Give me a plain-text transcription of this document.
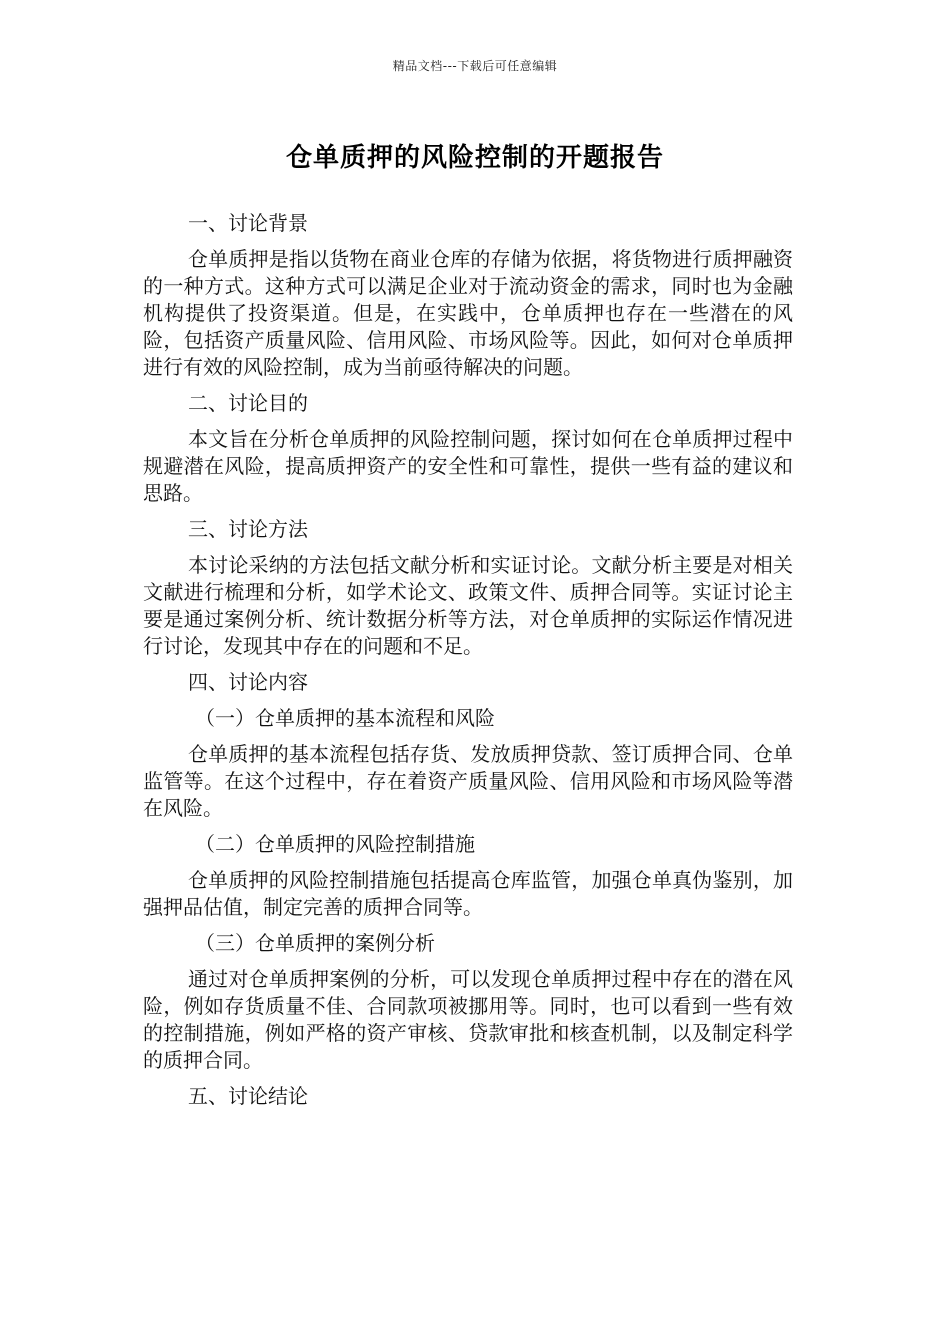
精品文档---下载后可任意编辑
仓单质押的风险控制的开题报告
一、讨论背景
仓单质押是指以货物在商业仓库的存储为依据，将货物进行质押融资的一种方式。这种方式可以满足企业对于流动资金的需求，同时也为金融机构提供了投资渠道。但是，在实践中，仓单质押也存在一些潜在的风险，包括资产质量风险、信用风险、市场风险等。因此，如何对仓单质押进行有效的风险控制，成为当前亟待解决的问题。
二、讨论目的
本文旨在分析仓单质押的风险控制问题，探讨如何在仓单质押过程中规避潜在风险，提高质押资产的安全性和可靠性，提供一些有益的建议和思路。
三、讨论方法
本讨论采纳的方法包括文献分析和实证讨论。文献分析主要是对相关文献进行梳理和分析，如学术论文、政策文件、质押合同等。实证讨论主要是通过案例分析、统计数据分析等方法，对仓单质押的实际运作情况进行讨论，发现其中存在的问题和不足。
四、讨论内容
（一）仓单质押的基本流程和风险
仓单质押的基本流程包括存货、发放质押贷款、签订质押合同、仓单监管等。在这个过程中，存在着资产质量风险、信用风险和市场风险等潜在风险。
（二）仓单质押的风险控制措施
仓单质押的风险控制措施包括提高仓库监管，加强仓单真伪鉴别，加强押品估值，制定完善的质押合同等。
（三）仓单质押的案例分析
通过对仓单质押案例的分析，可以发现仓单质押过程中存在的潜在风险，例如存货质量不佳、合同款项被挪用等。同时，也可以看到一些有效的控制措施，例如严格的资产审核、贷款审批和核查机制，以及制定科学的质押合同。
五、讨论结论
